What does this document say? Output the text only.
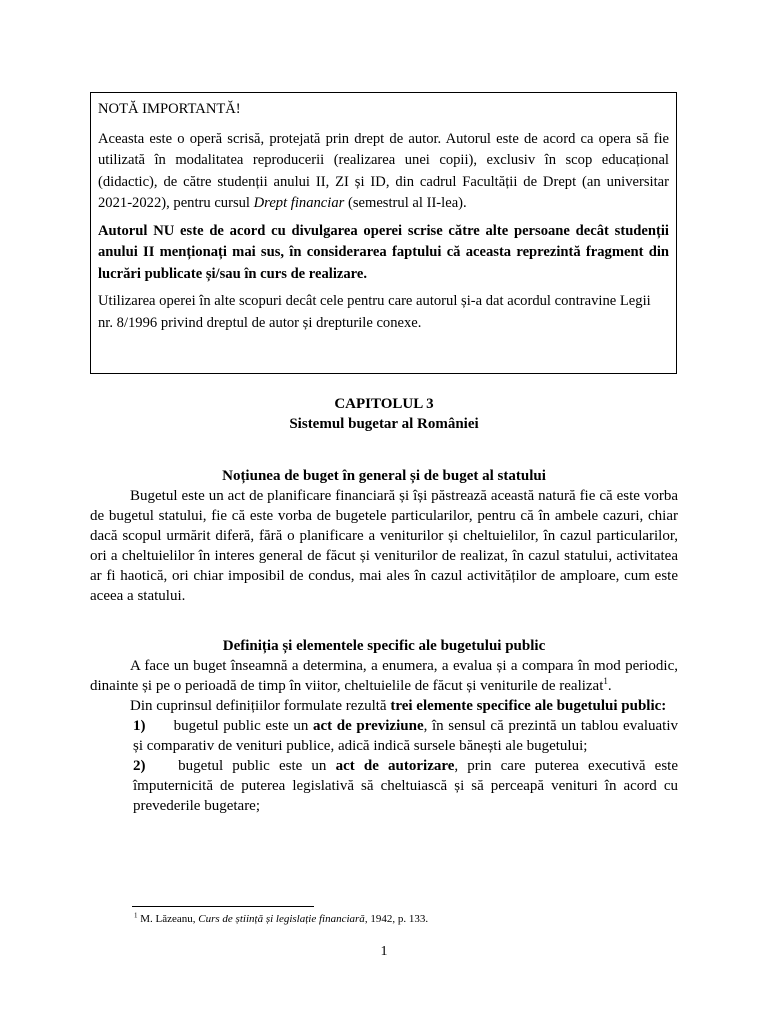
NOTĂ IMPORTANTĂ!

Aceasta este o operă scrisă, protejată prin drept de autor. Autorul este de acord ca opera să fie utilizată în modalitatea reproducerii (realizarea unei copii), exclusiv în scop educațional (didactic), de către studenții anului II, ZI și ID, din cadrul Facultății de Drept (an universitar 2021-2022), pentru cursul Drept financiar (semestrul al II-lea).

Autorul NU este de acord cu divulgarea operei scrise către alte persoane decât studenții anului II menționați mai sus, în considerarea faptului că aceasta reprezintă fragment din lucrări publicate și/sau în curs de realizare.

Utilizarea operei în alte scopuri decât cele pentru care autorul și-a dat acordul contravine Legii nr. 8/1996 privind dreptul de autor și drepturile conexe.

CAPITOLUL 3

Sistemul bugetar al României

Noțiunea de buget în general și de buget al statului

Bugetul este un act de planificare financiară și își păstrează această natură fie că este vorba de bugetul statului, fie că este vorba de bugetele particularilor, pentru că în ambele cazuri, chiar dacă scopul urmărit diferă, fără o planificare a veniturilor și cheltuielilor, în cazul particularilor, ori a cheltuielilor în interes general de făcut și veniturilor de realizat, în cazul statului, activitatea ar fi haotică, ori chiar imposibil de condus, mai ales în cazul activităților de amploare, cum este aceea a statului.

Definiția și elementele specific ale bugetului public

A face un buget înseamnă a determina, a enumera, a evalua și a compara în mod periodic, dinainte și pe o perioadă de timp în viitor, cheltuielile de făcut și veniturile de realizat$^1$.

Din cuprinsul definițiilor formulate rezultă trei elemente specifice ale bugetului public:

1) bugetul public este un act de previziune, în sensul că prezintă un tablou evaluativ și comparativ de venituri publice, adică indică sursele bănești ale bugetului;

2) bugetul public este un act de autorizare, prin care puterea executivă este împuternicită de puterea legislativă să cheltuiască și să perceapă venituri în acord cu prevederile bugetare;

$^1$ M. Lăzeanu, Curs de știință și legislație financiară, 1942, p. 133.
1
